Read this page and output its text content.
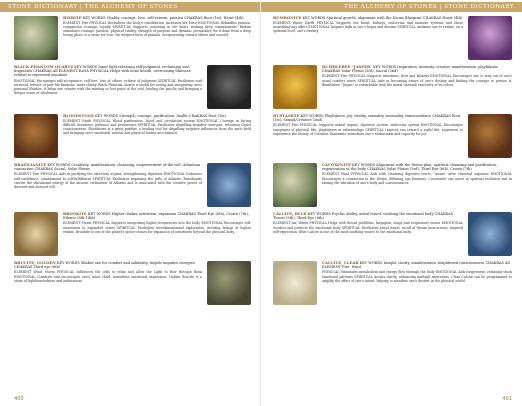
STONE DICTIONARY | THE ALCHEMY OF STONES
BIXBITE KEY WORDS Vitality, courage, love, self-esteem, passion CHAKRAS Root (1st), Heart (4th)
ELEMENT Fire PHYSICAL Revitalizes the body's constitution, increases life force EMOTIONAL Rekindles passion, compassion courage, loyalty SPIRITUAL Supports centering in the heart, making deep commitments. Bixbite stimulates courage, passion, physical vitality, strength of purpose and dynamic personality. Be it done from a deep loving place, is a stone for love, the deepest form of passion, overpowering toward others and oneself.
BLACK PHANTOM QUARTZ KEY WORDS Inner light releasing self-judgment, reclaiming soul fragments CHAKRAS All ELEMENT Earth PHYSICAL Helps with bone health, overcoming illnesses related to repressed emotions
EMOTIONAL Encourages self-acceptance, self-love, love of others, release of judgment SPIRITUAL Facilitates soul retrieval, release of past-life fixations, inner clarity. Black Phantom Quartz is useful for seeing and integrating one's personal Shadow. It helps one reunite with the missing or lost parts of the soul, healing the psyche and bringing a deeper sense of wholeness.
BLOODSTONE KEY WORDS Strength, courage, purification, health CHAKRAS Root (1st)
ELEMENT Earth PHYSICAL Blood purification, blood and circulation system EMOTIONAL Courage in facing difficult situations, patience and persistence SPIRITUAL Facilitates dispelling negative energies, releasing Christ consciousness. Bloodstone is a great purifier, a healing tool for dispelling negative influences from the auric field and bringing one's emotional, mental and physical bodies into balance.
BRAZILIANITE KEY WORDS Creativity, manifestation, cleansing, empowerment of the will, Atlantean connection CHAKRAS Sacral, Solar Plexus
ELEMENT Fire PHYSICAL Aids in purifying the excretory organs, strengthening digestion EMOTIONAL Enhances self-confidence, commitment to self-fulfillment SPIRITUAL Facilitates regaining the gifts of Atlantis. Brazilianite carries the vibrational energy of the ancient civilization of Atlantis and is associated with the creative power of directed and focused will.
BROOKITE KEY WORDS Higher chakra activation, expansion CHAKRAS Third Eye (6th), Crown (7th), Etheric (8th-14th)
ELEMENT Storm PHYSICAL Supports integrating higher frequencies into the body EMOTIONAL Encourages self-awareness to expanded states SPIRITUAL Facilitates interdimensional exploration, meeting beings of higher realms. Brookite is one of the planet's power stones for expansion of awareness beyond the physical body.
BRUCITE, GOLDEN KEY WORDS Shakes one for comfort and solidarity, dispels negative energies CHAKRAS Third eye (6th)
ELEMENT Wind, Storm PHYSICAL Influences the cells to relax and allow the Light to flow through them EMOTIONAL Comforts and encourages one's inner child, stimulates emotional expression. Golden Brucite is a stone of lightheartedness and enthusiasm.
400
THE ALCHEMY OF STONES | STONE DICTIONARY
BUMBONITE KEY WORDS Spiritual growth, alignment with the Divine Blueprint CHAKRAS Heart (4th)
ELEMENT Water, Earth PHYSICAL Supports the heart, kidneys, endocrine and immune systems and those nourishing any affect EMOTIONAL Inspires faith in one's hopes and dreams SPIRITUAL Awakens one to realize, on a spiritual level, one's destiny.
BUMBLEBEE "JASPER" KEY WORDS Inspiration, intensity, creative manifestation, playfulness CHAKRAS Solar Plexus (3rd), Sacral (2nd)
ELEMENT Fire PHYSICAL Supports intestines, liver and kidneys EMOTIONAL Encourages one to step out of one's usual comfort zones SPIRITUAL Aids in becoming aware of one's destiny and finding the courage to pursue it. Bumblebee "Jasper" is remarkable with the moral (mental) reactivity of its colors.
BUSTAMITE KEY WORDS Playfulness, joy, vitality, sexuality, sensuality, transcendence CHAKRAS Root (1st), Sexual/Creative (2nd)
ELEMENT Fire PHYSICAL Supports sexual organs, digestive system, endocrine system EMOTIONAL Encourages enjoyment of physical life, playfulness in relationships SPIRITUAL Inspires one toward a joyful life, eagerness to experience the beauty of Creation. Bustamite stimulates one's enthusiasm and capacity for joy.
CACOXENITE KEY WORDS Alignment with the Divine plan, spiritual cleansing and purification, regeneration of the body CHAKRAS Solar Plexus (3rd), Third Eye (6th), Crown (7th)
ELEMENT Wind PHYSICAL Aids with cleansing digestive tracts, "aware" after chemical exposure EMOTIONAL Encourages a connection to the Divine, diffusing ego fixations. Cacoxenite can assist in spiritual evolution and in raising the vibration of one's body and consciousness.
CALCITE, BLUE KEY WORDS Psychic ability, astral travel, soothing the emotional body CHAKRAS Throat (5th), Third Eye (6th)
ELEMENT Air, Water PHYSICAL Helps with throat problems, laryngitis, lungs and respiratory issues EMOTIONAL Soothes and protects the emotional body SPIRITUAL Facilitates astral travel, recall of dream instructions, inspired self-expression. Blue Calcite is one of the most soothing stones to the emotional body.
CALCITE, CLEAR KEY WORDS Insight, clarity, manifestation, heightened consciousness CHAKRAS All ELEMENT Fire, Wind
PHYSICAL Stimulates metabolism and energy flow through the body EMOTIONAL Aids forgiveness, releasing stuck emotional patterns SPIRITUAL Assists clarity, enhancing multiple awareness. Clear Calcite can be programmed to amplify the effect of one's intent, helping to manifest one's desires in the physical world.
401
